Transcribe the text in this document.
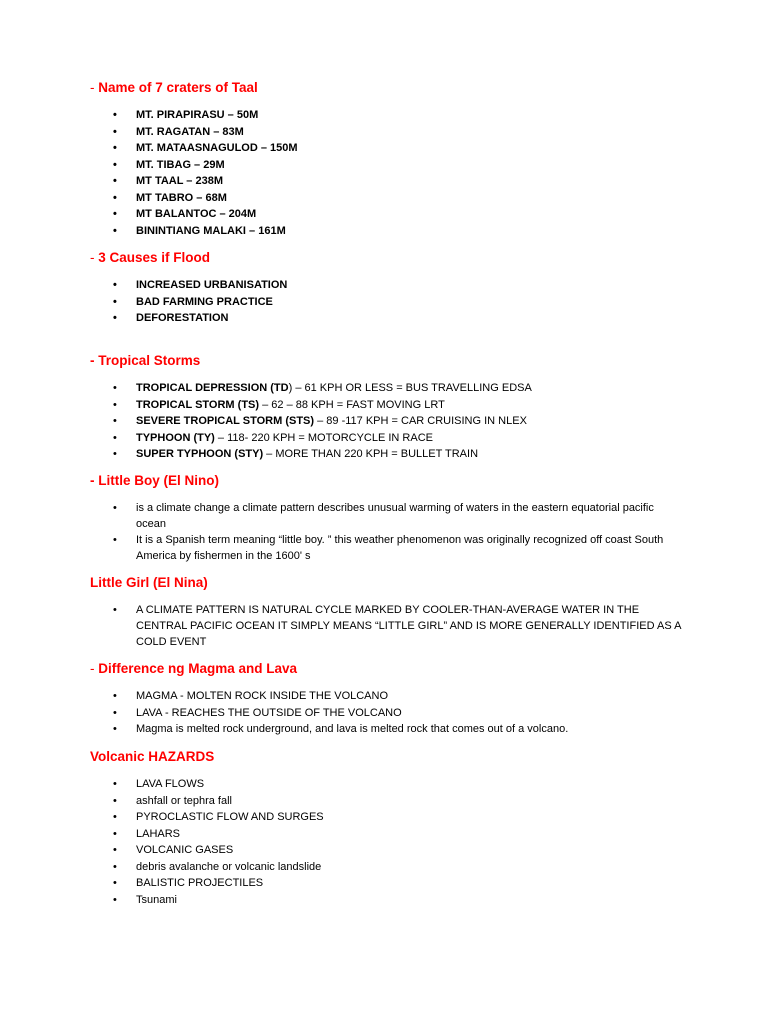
- Name of 7 craters of Taal
• MT. PIRAPIRASU – 50M
• MT. RAGATAN – 83M
• MT. MATAASNAGULOD – 150M
• MT. TIBAG – 29M
• MT TAAL – 238M
• MT TABRO – 68M
• MT BALANTOC – 204M
• BININTIANG MALAKI – 161M
- 3 Causes if Flood
• INCREASED URBANISATION
• BAD FARMING PRACTICE
• DEFORESTATION
- Tropical Storms
• TROPICAL DEPRESSION (TD) – 61 KPH OR LESS = BUS TRAVELLING EDSA
• TROPICAL STORM (TS) – 62 – 88 KPH = FAST MOVING LRT
• SEVERE TROPICAL STORM (STS) – 89 -117 KPH = CAR CRUISING IN NLEX
• TYPHOON (TY) – 118- 220 KPH = MOTORCYCLE IN RACE
• SUPER TYPHOON (STY) – MORE THAN 220 KPH = BULLET TRAIN
- Little Boy (El Nino)
• is a climate change a climate pattern describes unusual warming of waters in the eastern equatorial pacific ocean
• It is a Spanish term meaning “little boy. ” this weather phenomenon was originally recognized off coast South America by fishermen in the 1600' s
Little Girl (El Nina)
• A CLIMATE PATTERN IS NATURAL CYCLE MARKED BY COOLER-THAN-AVERAGE WATER IN THE CENTRAL PACIFIC OCEAN IT SIMPLY MEANS “LITTLE GIRL” AND IS MORE GENERALLY IDENTIFIED AS A COLD EVENT
- Difference ng Magma and Lava
• MAGMA - MOLTEN ROCK INSIDE THE VOLCANO
• LAVA - REACHES THE OUTSIDE OF THE VOLCANO
• Magma is melted rock underground, and lava is melted rock that comes out of a volcano.
Volcanic HAZARDS
• LAVA FLOWS
• ashfall or tephra fall
• PYROCLASTIC FLOW AND SURGES
• LAHARS
• VOLCANIC GASES
• debris avalanche or volcanic landslide
• BALISTIC PROJECTILES
• Tsunami
